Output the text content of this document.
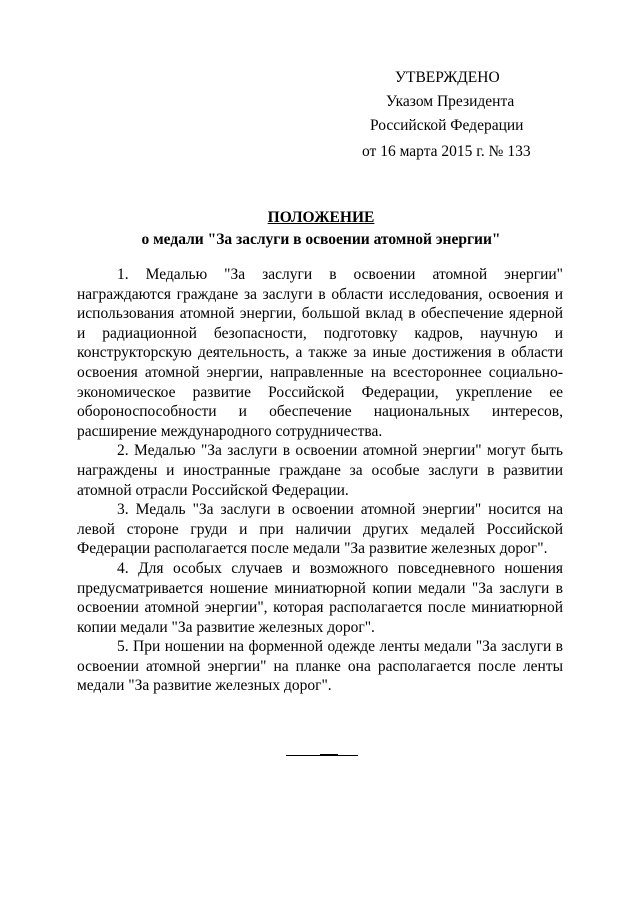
УТВЕРЖДЕНО
Указом Президента
Российской Федерации
от 16 марта 2015 г. № 133
ПОЛОЖЕНИЕ
о медали "За заслуги в освоении атомной энергии"

1. Медалью "За заслуги в освоении атомной энергии" награждаются граждане за заслуги в области исследования, освоения и использования атомной энергии, большой вклад в обеспечение ядерной и радиационной безопасности, подготовку кадров, научную и конструкторскую деятельность, а также за иные достижения в области освоения атомной энергии, направленные на всестороннее социально-экономическое развитие Российской Федерации, укрепление ее обороноспособности и обеспечение национальных интересов, расширение международного сотрудничества.

2. Медалью "За заслуги в освоении атомной энергии" могут быть награждены и иностранные граждане за особые заслуги в развитии атомной отрасли Российской Федерации.

3. Медаль "За заслуги в освоении атомной энергии" носится на левой стороне груди и при наличии других медалей Российской Федерации располагается после медали "За развитие железных дорог".

4. Для особых случаев и возможного повседневного ношения предусматривается ношение миниатюрной копии медали "За заслуги в освоении атомной энергии", которая располагается после миниатюрной копии медали "За развитие железных дорог".

5. При ношении на форменной одежде ленты медали "За заслуги в освоении атомной энергии" на планке она располагается после ленты медали "За развитие железных дорог".
